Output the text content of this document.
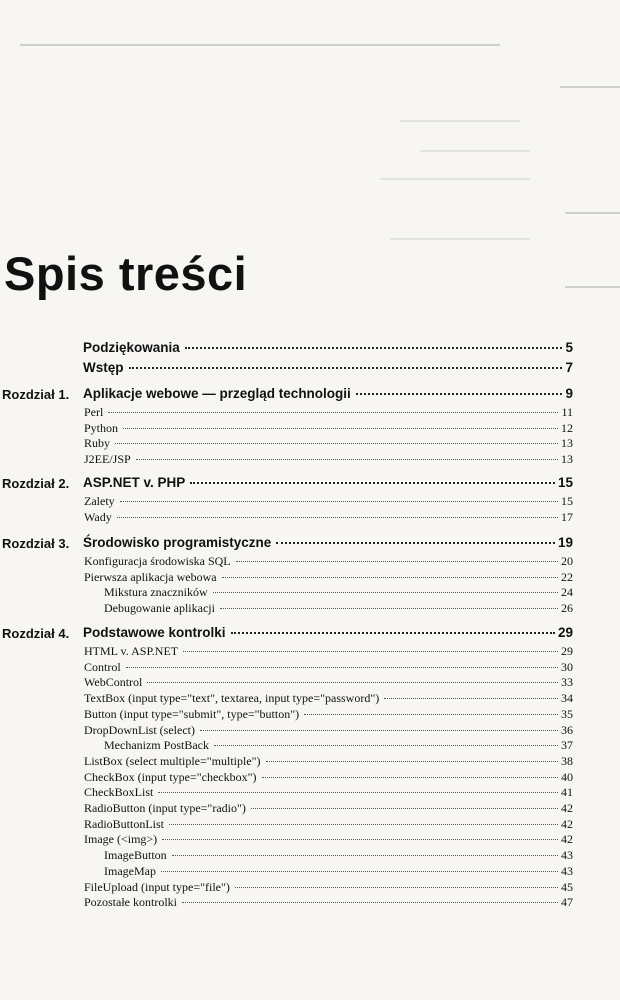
Spis treści
Podziękowania	5
Wstęp	7
Rozdział 1. Aplikacje webowe — przegląd technologii	9
Perl	11
Python	12
Ruby	13
J2EE/JSP	13
Rozdział 2. ASP.NET v. PHP	15
Zalety	15
Wady	17
Rozdział 3. Środowisko programistyczne	19
Konfiguracja środowiska SQL	20
Pierwsza aplikacja webowa	22
Mikstura znaczników	24
Debugowanie aplikacji	26
Rozdział 4. Podstawowe kontrolki	29
HTML v. ASP.NET	29
Control	30
WebControl	33
TextBox (input type="text", textarea, input type="password")	34
Button (input type="submit", type="button")	35
DropDownList (select)	36
Mechanizm PostBack	37
ListBox (select multiple="multiple")	38
CheckBox (input type="checkbox")	40
CheckBoxList	41
RadioButton (input type="radio")	42
RadioButtonList	42
Image (<img>)	42
ImageButton	43
ImageMap	43
FileUpload (input type="file")	45
Pozostałe kontrolki	47
